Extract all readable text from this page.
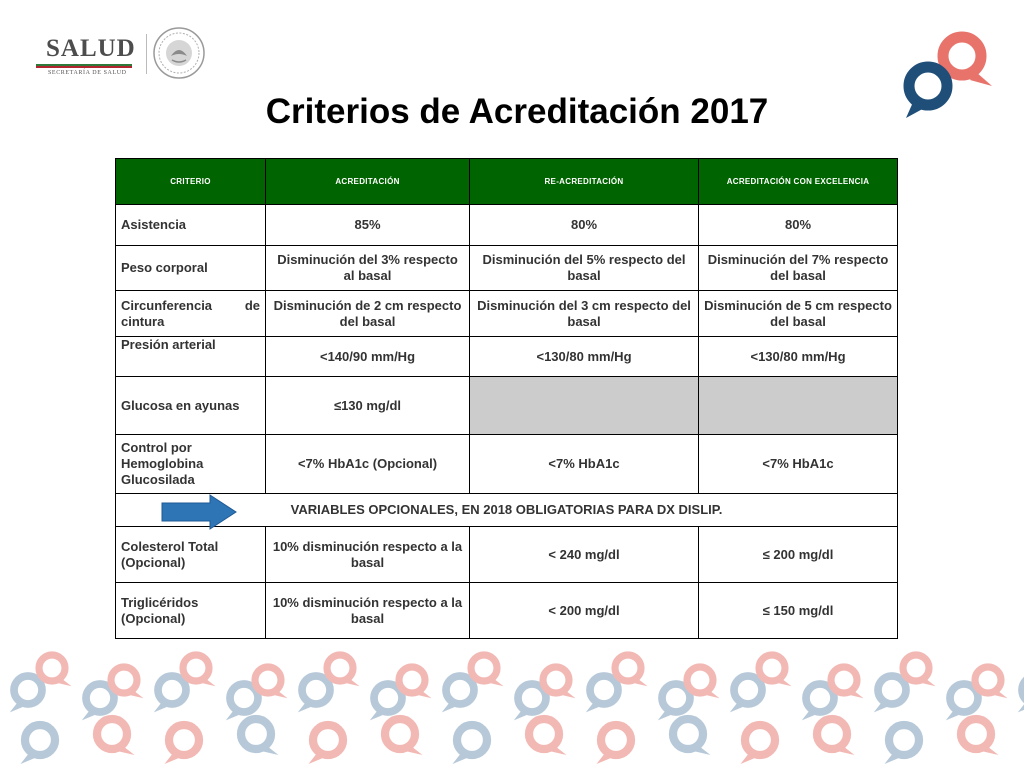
SALUD
SECRETARÍA DE SALUD
Criterios de Acreditación 2017
CRITERIO	ACREDITACIÓN	RE-ACREDITACIÓN	ACREDITACIÓN CON EXCELENCIA
Asistencia	85%	80%	80%
Peso corporal	Disminución del 3% respecto al basal	Disminución del 5% respecto del basal	Disminución del 7% respecto del basal

Circunferencia de
cintura	Disminución de 2 cm respecto del basal	Disminución del 3 cm respecto del basal	Disminución de 5 cm respecto del basal
Presión arterial	<140/90 mm/Hg	<130/80 mm/Hg	<130/80 mm/Hg
Glucosa en ayunas	≤130 mg/dl		
Control por Hemoglobina Glucosilada	<7% HbA1c (Opcional)	<7% HbA1c	<7% HbA1c

VARIABLES OPCIONALES, EN 2018 OBLIGATORIAS PARA DX DISLIP.			
Colesterol Total (Opcional)	10% disminución respecto a la basal	< 240 mg/dl	≤ 200 mg/dl
Triglicéridos (Opcional)	10% disminución respecto a la basal	< 200 mg/dl	≤ 150 mg/dl
